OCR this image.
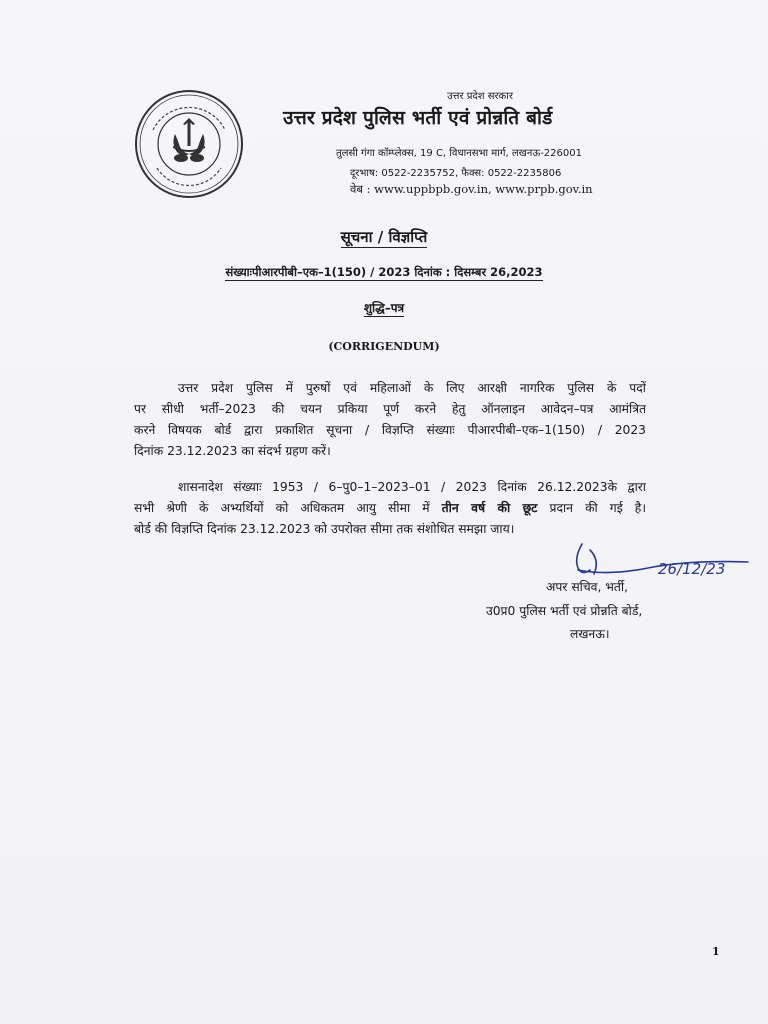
उत्तर प्रदेश सरकार
उत्तर प्रदेश पुलिस भर्ती एवं प्रोन्नति बोर्ड
तुलसी गंगा कॉम्प्लेक्स, 19 C, विधानसभा मार्ग, लखनऊ-226001
दूरभाष: 0522-2235752, फैक्स: 0522-2235806
वेब : www.uppbpb.gov.in, www.prpb.gov.in
सूचना / विज्ञप्ति
संख्याःपीआरपीबी–एक–1(150) / 2023 दिनांक : दिसम्बर 26,2023
शुद्धि–पत्र
(CORRIGENDUM)
उत्तर प्रदेश पुलिस में पुरुषों एवं महिलाओं के लिए आरक्षी नागरिक पुलिस के पदों
पर सीधी भर्ती–2023 की चयन प्रकिया पूर्ण करने हेतु ऑनलाइन आवेदन–पत्र आमंत्रित
करने विषयक बोर्ड द्वारा प्रकाशित सूचना / विज्ञप्ति संख्याः पीआरपीबी–एक–1(150) / 2023
दिनांक 23.12.2023 का संदर्भ ग्रहण करें।
शासनादेश संख्याः 1953 / 6–पु0–1–2023–01 / 2023 दिनांक 26.12.2023के द्वारा
सभी श्रेणी के अभ्यर्थियों को अधिकतम आयु सीमा में तीन वर्ष की छूट प्रदान की गई है।
बोर्ड की विज्ञप्ति दिनांक 23.12.2023 को उपरोक्त सीमा तक संशोधित समझा जाय।
26/12/23
अपर सचिव, भर्ती,
उ0प्र0 पुलिस भर्ती एवं प्रोन्नति बोर्ड,
लखनऊ।
1
